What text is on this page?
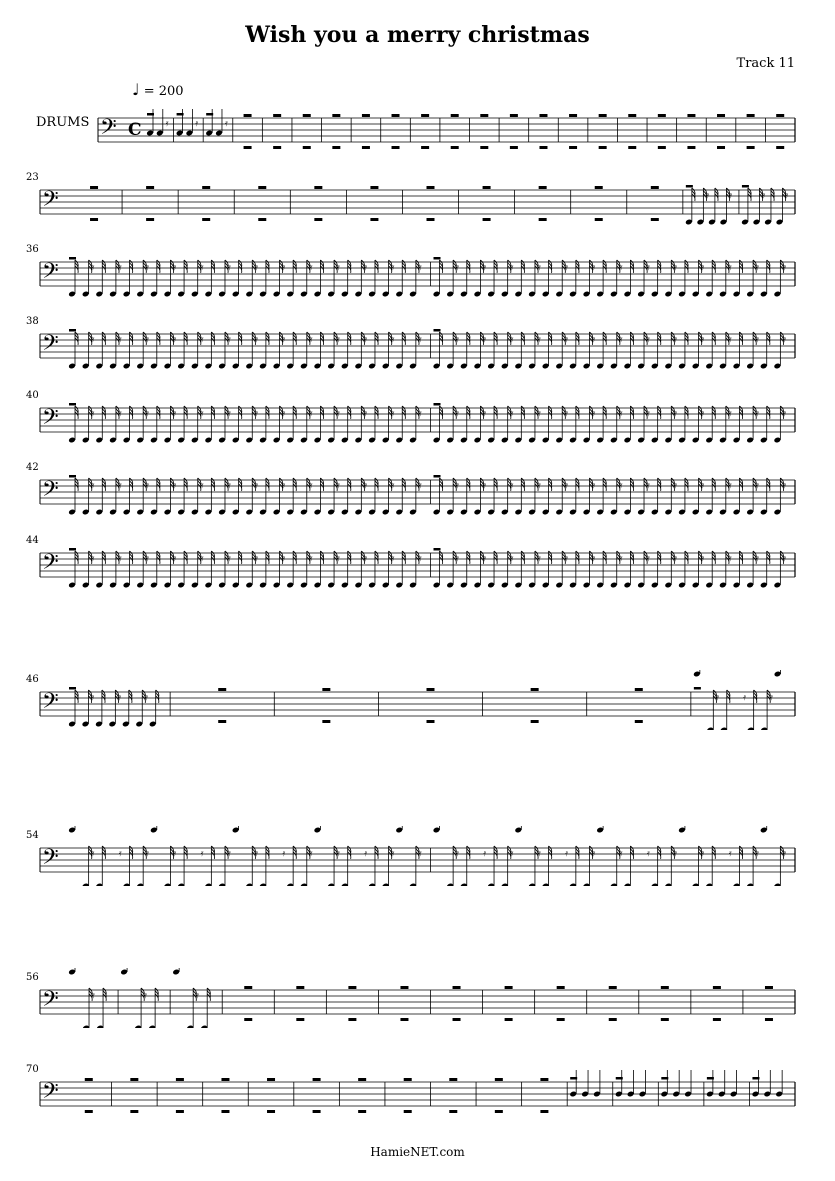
Wish you a merry christmas
Track 11
♩ = 200
DRUMS 𝄢 C	𝄿	𝄿	𝄿
23
𝄢	𝄿 𝄿	𝄿 𝄿
36
𝄢	𝄿	𝄿	𝄿	𝄿	𝄿	𝄿	𝄿	𝄿	𝄿	𝄿	𝄿	𝄿	𝄿	𝄿	𝄿	𝄿	𝄿	𝄿	𝄿	𝄿	𝄿	𝄿	𝄿	𝄿	𝄿	𝄿
38
𝄢	𝄿	𝄿	𝄿	𝄿	𝄿	𝄿	𝄿	𝄿	𝄿	𝄿	𝄿	𝄿	𝄿	𝄿	𝄿	𝄿	𝄿	𝄿	𝄿	𝄿	𝄿	𝄿	𝄿	𝄿	𝄿	𝄿
40
𝄢	𝄿	𝄿	𝄿	𝄿	𝄿	𝄿	𝄿	𝄿	𝄿	𝄿	𝄿	𝄿	𝄿	𝄿	𝄿	𝄿	𝄿	𝄿	𝄿	𝄿	𝄿	𝄿	𝄿	𝄿	𝄿	𝄿
42
𝄢	𝄿	𝄿	𝄿	𝄿	𝄿	𝄿	𝄿	𝄿	𝄿	𝄿	𝄿	𝄿	𝄿	𝄿	𝄿	𝄿	𝄿	𝄿	𝄿	𝄿	𝄿	𝄿	𝄿	𝄿	𝄿	𝄿
44
𝄢	𝄿	𝄿	𝄿	𝄿	𝄿	𝄿	𝄿	𝄿	𝄿	𝄿	𝄿	𝄿	𝄿	𝄿	𝄿	𝄿	𝄿	𝄿	𝄿	𝄿	𝄿	𝄿	𝄿	𝄿	𝄿	𝄿
46
𝄢	𝄿	𝄿	𝄿	𝄿	𝄿	𝄿
54
𝄢	𝄿	𝄿	𝄿	𝄿	𝄿	𝄿	𝄿	𝄿	𝄿	𝄿	𝄿	𝄿	𝄿	𝄿	𝄿	𝄿	𝄿	𝄿	𝄿	𝄿	𝄿	𝄿	𝄿	𝄿	𝄿	𝄿
56
𝄢	𝄿	𝄿	𝄿
70
𝄢
HamieNET.com
